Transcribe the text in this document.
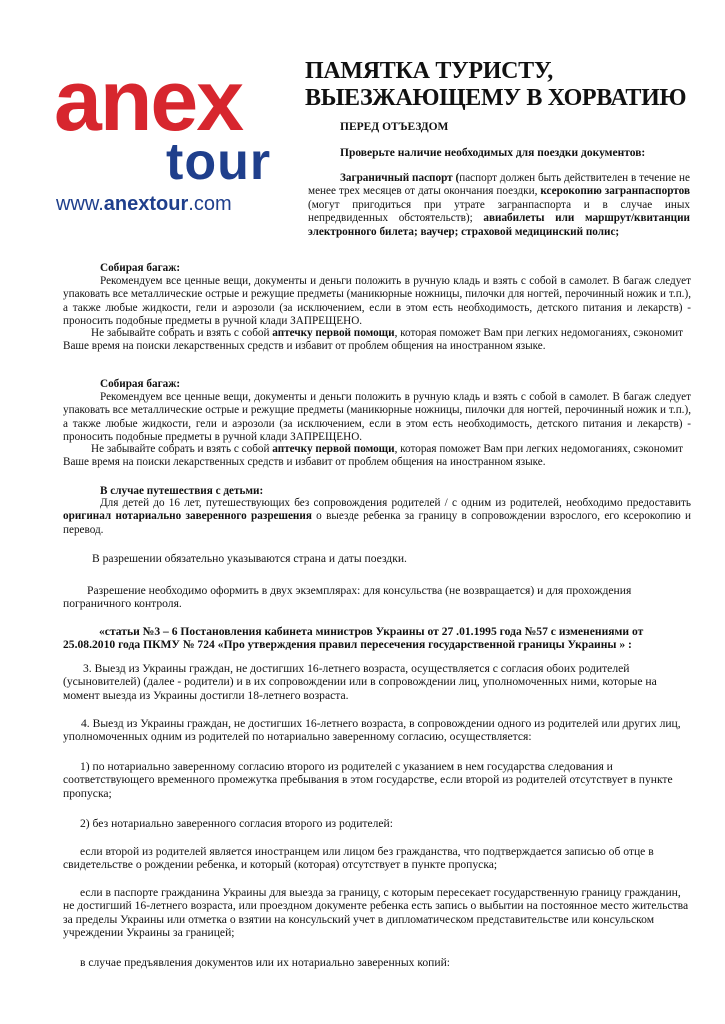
anex
tour
www.anextour.com
ПАМЯТКА ТУРИСТУ,
ВЫЕЗЖАЮЩЕМУ В ХОРВАТИЮ

ПЕРЕД ОТЪЕЗДОМ

Проверьте наличие необходимых для поездки документов:

Заграничный паспорт (паспорт должен быть действителен в течение не менее трех месяцев от даты окончания поездки, ксерокопию загранпаспортов (могут пригодиться при утрате загранпаспорта и в случае иных непредвиденных обстоятельств); авиабилеты или маршрут/квитанции электронного билета; ваучер; страховой медицинский полис;

Собирая багаж:

Рекомендуем все ценные вещи, документы и деньги положить в ручную кладь и взять с собой в самолет. В багаж следует упаковать все металлические острые и режущие предметы (маникюрные ножницы, пилочки для ногтей, перочинный ножик и т.п.), а также любые жидкости, гели и аэрозоли (за исключением, если в этом есть необходимость, детского питания и лекарств) - проносить подобные предметы в ручной клади ЗАПРЕЩЕНО.

Не забывайте собрать и взять с собой аптечку первой помощи, которая поможет Вам при легких недомоганиях, сэкономит Ваше время на поиски лекарственных средств и избавит от проблем общения на иностранном языке.

Собирая багаж:

Рекомендуем все ценные вещи, документы и деньги положить в ручную кладь и взять с собой в самолет. В багаж следует упаковать все металлические острые и режущие предметы (маникюрные ножницы, пилочки для ногтей, перочинный ножик и т.п.), а также любые жидкости, гели и аэрозоли (за исключением, если в этом есть необходимость, детского питания и лекарств) - проносить подобные предметы в ручной клади ЗАПРЕЩЕНО.

Не забывайте собрать и взять с собой аптечку первой помощи, которая поможет Вам при легких недомоганиях, сэкономит Ваше время на поиски лекарственных средств и избавит от проблем общения на иностранном языке.

В случае путешествия с детьми:

Для детей до 16 лет, путешествующих без сопровождения родителей / с одним из родителей, необходимо предоставить оригинал нотариально заверенного разрешения о выезде ребенка за границу в сопровождении взрослого, его ксерокопию и перевод.

В разрешении обязательно указываются страна и даты поездки.

Разрешение необходимо оформить в двух экземплярах: для консульства (не возвращается) и для прохождения пограничного контроля.

«статьи №3 – 6 Постановления кабинета министров Украины от 27 .01.1995 года №57 с изменениями от 25.08.2010 года ПКМУ № 724 «Про утверждения правил пересечения государственной границы Украины » :

3. Выезд из Украины граждан, не достигших 16-летнего возраста, осуществляется с согласия обоих родителей (усыновителей) (далее - родители) и в их сопровождении или в сопровождении лиц, уполномоченных ними, которые на момент выезда из Украины достигли 18-летнего возраста.

4. Выезд из Украины граждан, не достигших 16-летнего возраста, в сопровождении одного из родителей или других лиц, уполномоченных одним из родителей по нотариально заверенному согласию, осуществляется:

1) по нотариально заверенному согласию второго из родителей с указанием в нем государства следования и соответствующего временного промежутка пребывания в этом государстве, если второй из родителей отсутствует в пункте пропуска;

2) без нотариально заверенного согласия второго из родителей:

если второй из родителей является иностранцем или лицом без гражданства, что подтверждается записью об отце в свидетельстве о рождении ребенка, и который (которая) отсутствует в пункте пропуска;

если в паспорте гражданина Украины для выезда за границу, с которым пересекает государственную границу гражданин, не достигший 16-летнего возраста, или проездном документе ребенка есть запись о выбытии на постоянное место жительства за пределы Украины или отметка о взятии на консульский учет в дипломатическом представительстве или консульском учреждении Украины за границей;

в случае предъявления документов или их нотариально заверенных копий:
